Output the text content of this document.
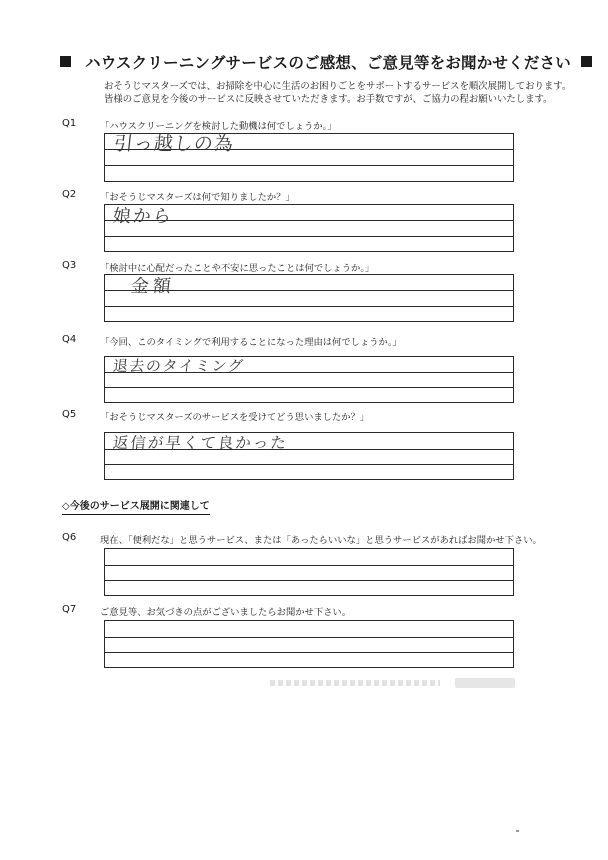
ハウスクリーニングサービスのご感想、ご意見等をお聞かせください
おそうじマスターズでは、お掃除を中心に生活のお困りごとをサポートするサービスを順次展開しております。
皆様のご意見を今後のサービスに反映させていただきます。お手数ですが、ご協力の程お願いいたします。
Q1	「ハウスクリーニングを検討した動機は何でしょうか。」
引っ越しの為
Q2	「おそうじマスターズは何で知りましたか？」
娘から
Q3	「検討中に心配だったことや不安に思ったことは何でしょうか。」
金額
Q4	「今回、このタイミングで利用することになった理由は何でしょうか。」
退去のタイミング
Q5	「おそうじマスターズのサービスを受けてどう思いましたか？」
返信が早くて良かった
◇今後のサービス展開に関連して
Q6	現在、「便利だな」と思うサービス、または「あったらいいな」と思うサービスがあればお聞かせ下さい。
Q7	ご意見等、お気づきの点がございましたらお聞かせ下さい。
